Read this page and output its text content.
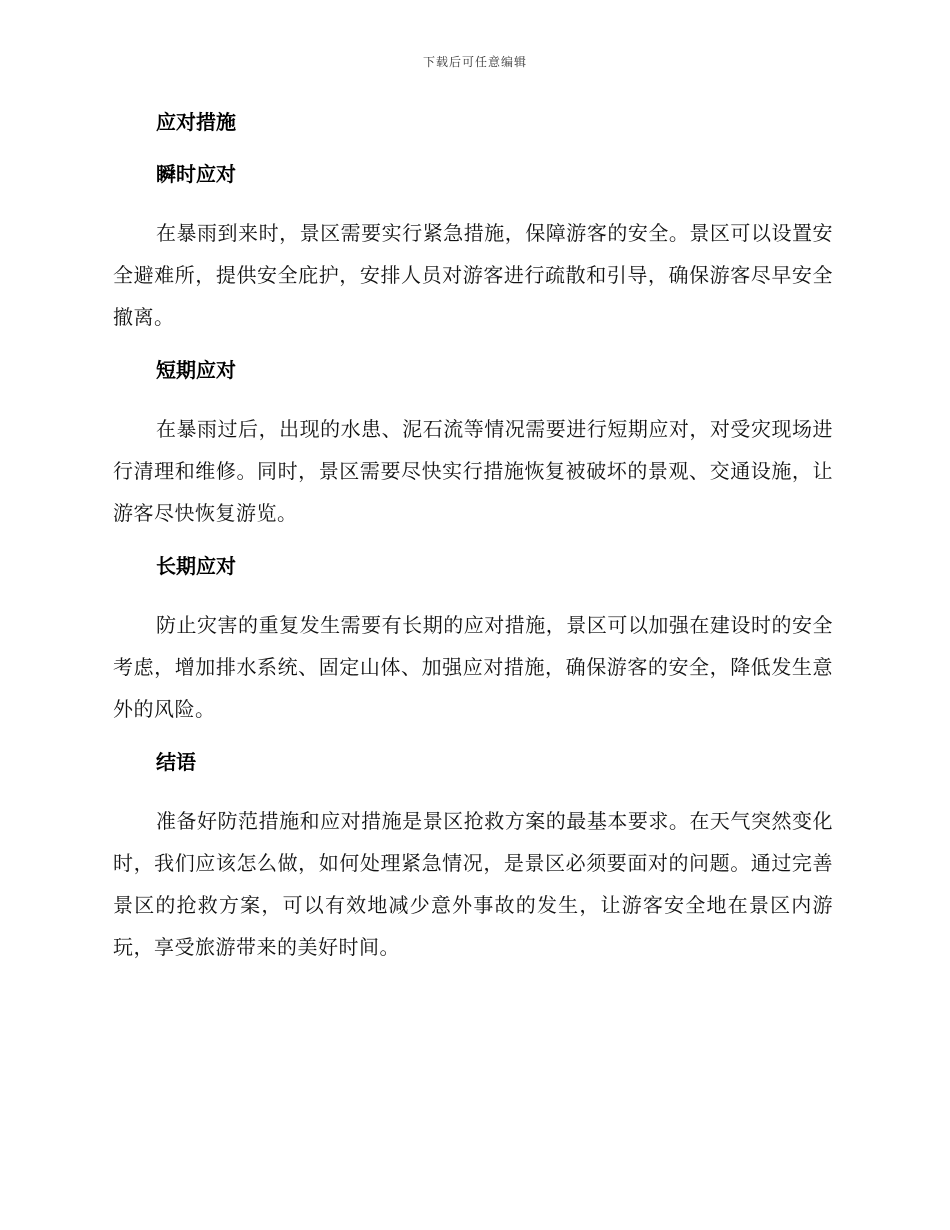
下载后可任意编辑
应对措施
瞬时应对

在暴雨到来时，景区需要实行紧急措施，保障游客的安全。景区可以设置安全避难所，提供安全庇护，安排人员对游客进行疏散和引导，确保游客尽早安全撤离。

短期应对

在暴雨过后，出现的水患、泥石流等情况需要进行短期应对，对受灾现场进行清理和维修。同时，景区需要尽快实行措施恢复被破坏的景观、交通设施，让游客尽快恢复游览。

长期应对

防止灾害的重复发生需要有长期的应对措施，景区可以加强在建设时的安全考虑，增加排水系统、固定山体、加强应对措施，确保游客的安全，降低发生意外的风险。

结语

准备好防范措施和应对措施是景区抢救方案的最基本要求。在天气突然变化时，我们应该怎么做，如何处理紧急情况，是景区必须要面对的问题。通过完善景区的抢救方案，可以有效地减少意外事故的发生，让游客安全地在景区内游玩，享受旅游带来的美好时间。
